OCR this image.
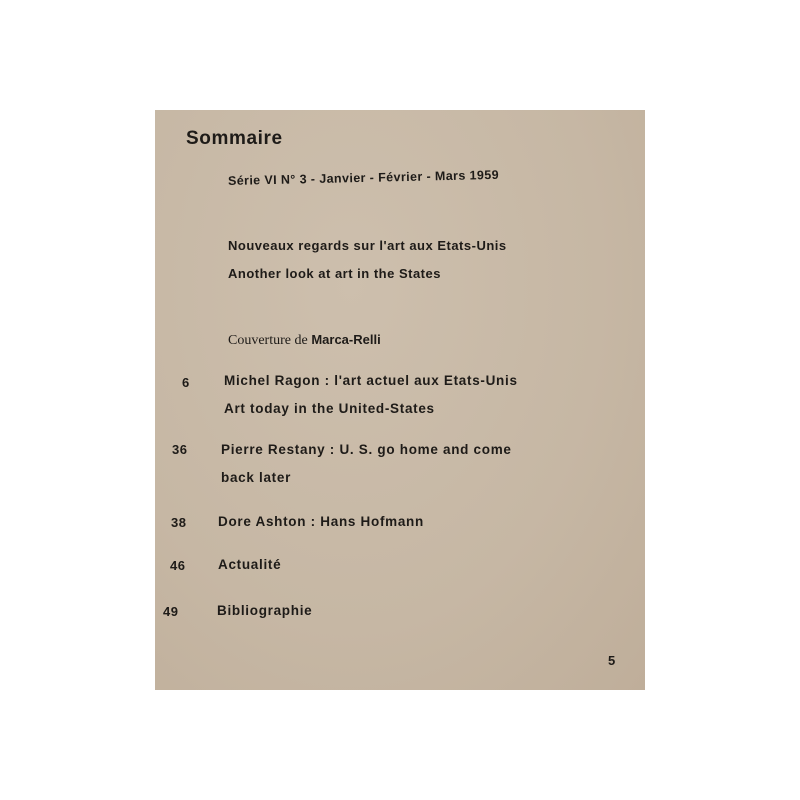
Sommaire
Série VI N° 3 - Janvier - Février - Mars 1959
Nouveaux regards sur l'art aux Etats-Unis
Another look at art in the States
Couverture de Marca-Relli
6	Michel Ragon : l'art actuel aux Etats-Unis
Art today in the United-States
36 Pierre Restany : U. S. go home and come
back later
38 Dore Ashton : Hans Hofmann
46 Actualité
49	Bibliographie
5
